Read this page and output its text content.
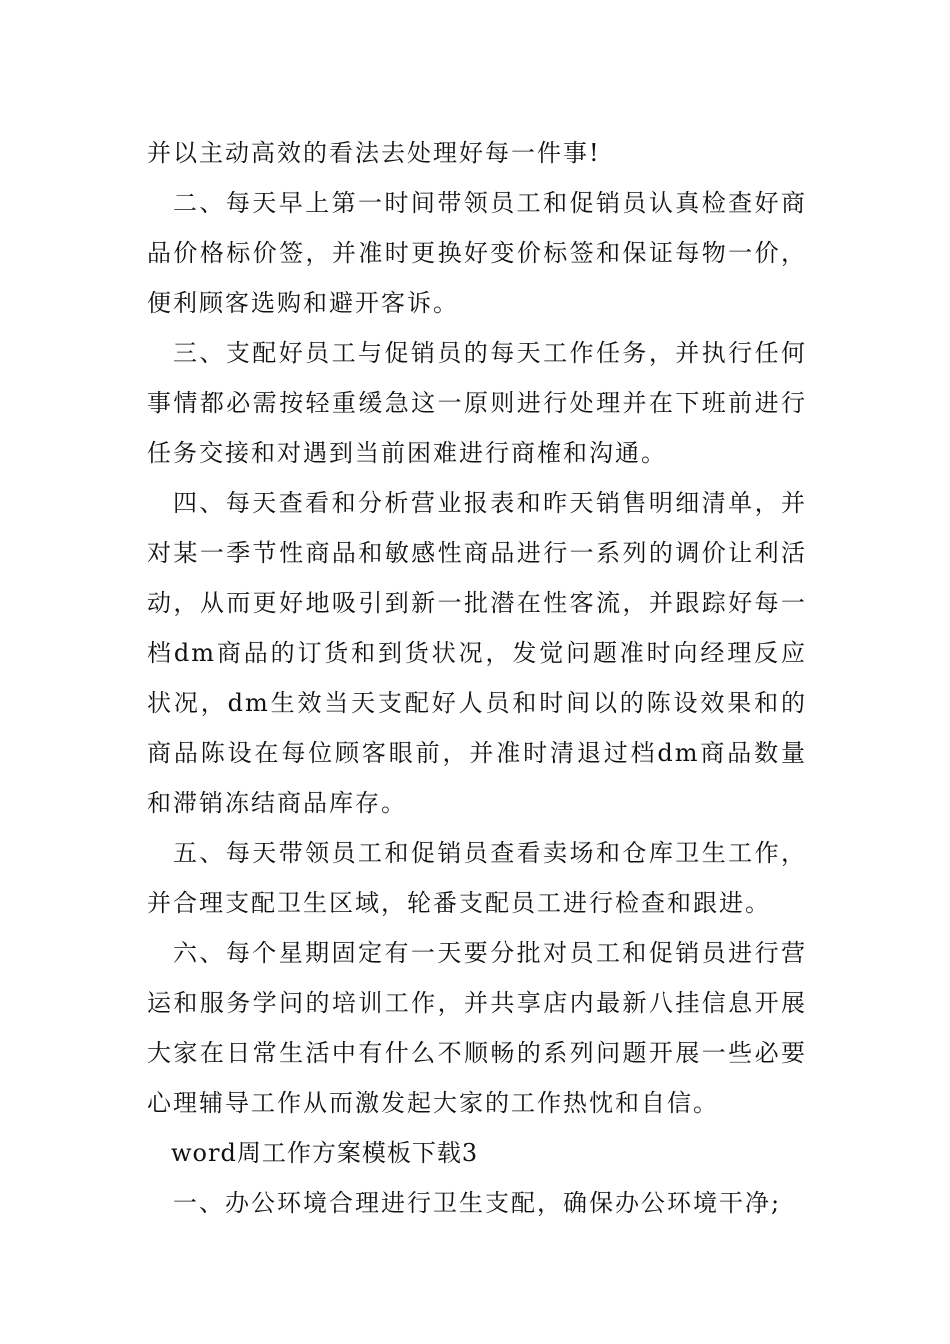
并以主动高效的看法去处理好每一件事!

二、每天早上第一时间带领员工和促销员认真检查好商品价格标价签，并准时更换好变价标签和保证每物一价，便利顾客选购和避开客诉。

三、支配好员工与促销员的每天工作任务，并执行任何事情都必需按轻重缓急这一原则进行处理并在下班前进行任务交接和对遇到当前困难进行商榷和沟通。

四、每天查看和分析营业报表和昨天销售明细清单，并对某一季节性商品和敏感性商品进行一系列的调价让利活动，从而更好地吸引到新一批潜在性客流，并跟踪好每一档dm商品的订货和到货状况，发觉问题准时向经理反应状况，dm生效当天支配好人员和时间以的陈设效果和的商品陈设在每位顾客眼前，并准时清退过档dm商品数量和滞销冻结商品库存。

五、每天带领员工和促销员查看卖场和仓库卫生工作，并合理支配卫生区域，轮番支配员工进行检查和跟进。

六、每个星期固定有一天要分批对员工和促销员进行营运和服务学问的培训工作，并共享店内最新八挂信息开展大家在日常生活中有什么不顺畅的系列问题开展一些必要心理辅导工作从而激发起大家的工作热忱和自信。

word周工作方案模板下载3

一、办公环境合理进行卫生支配，确保办公环境干净;
